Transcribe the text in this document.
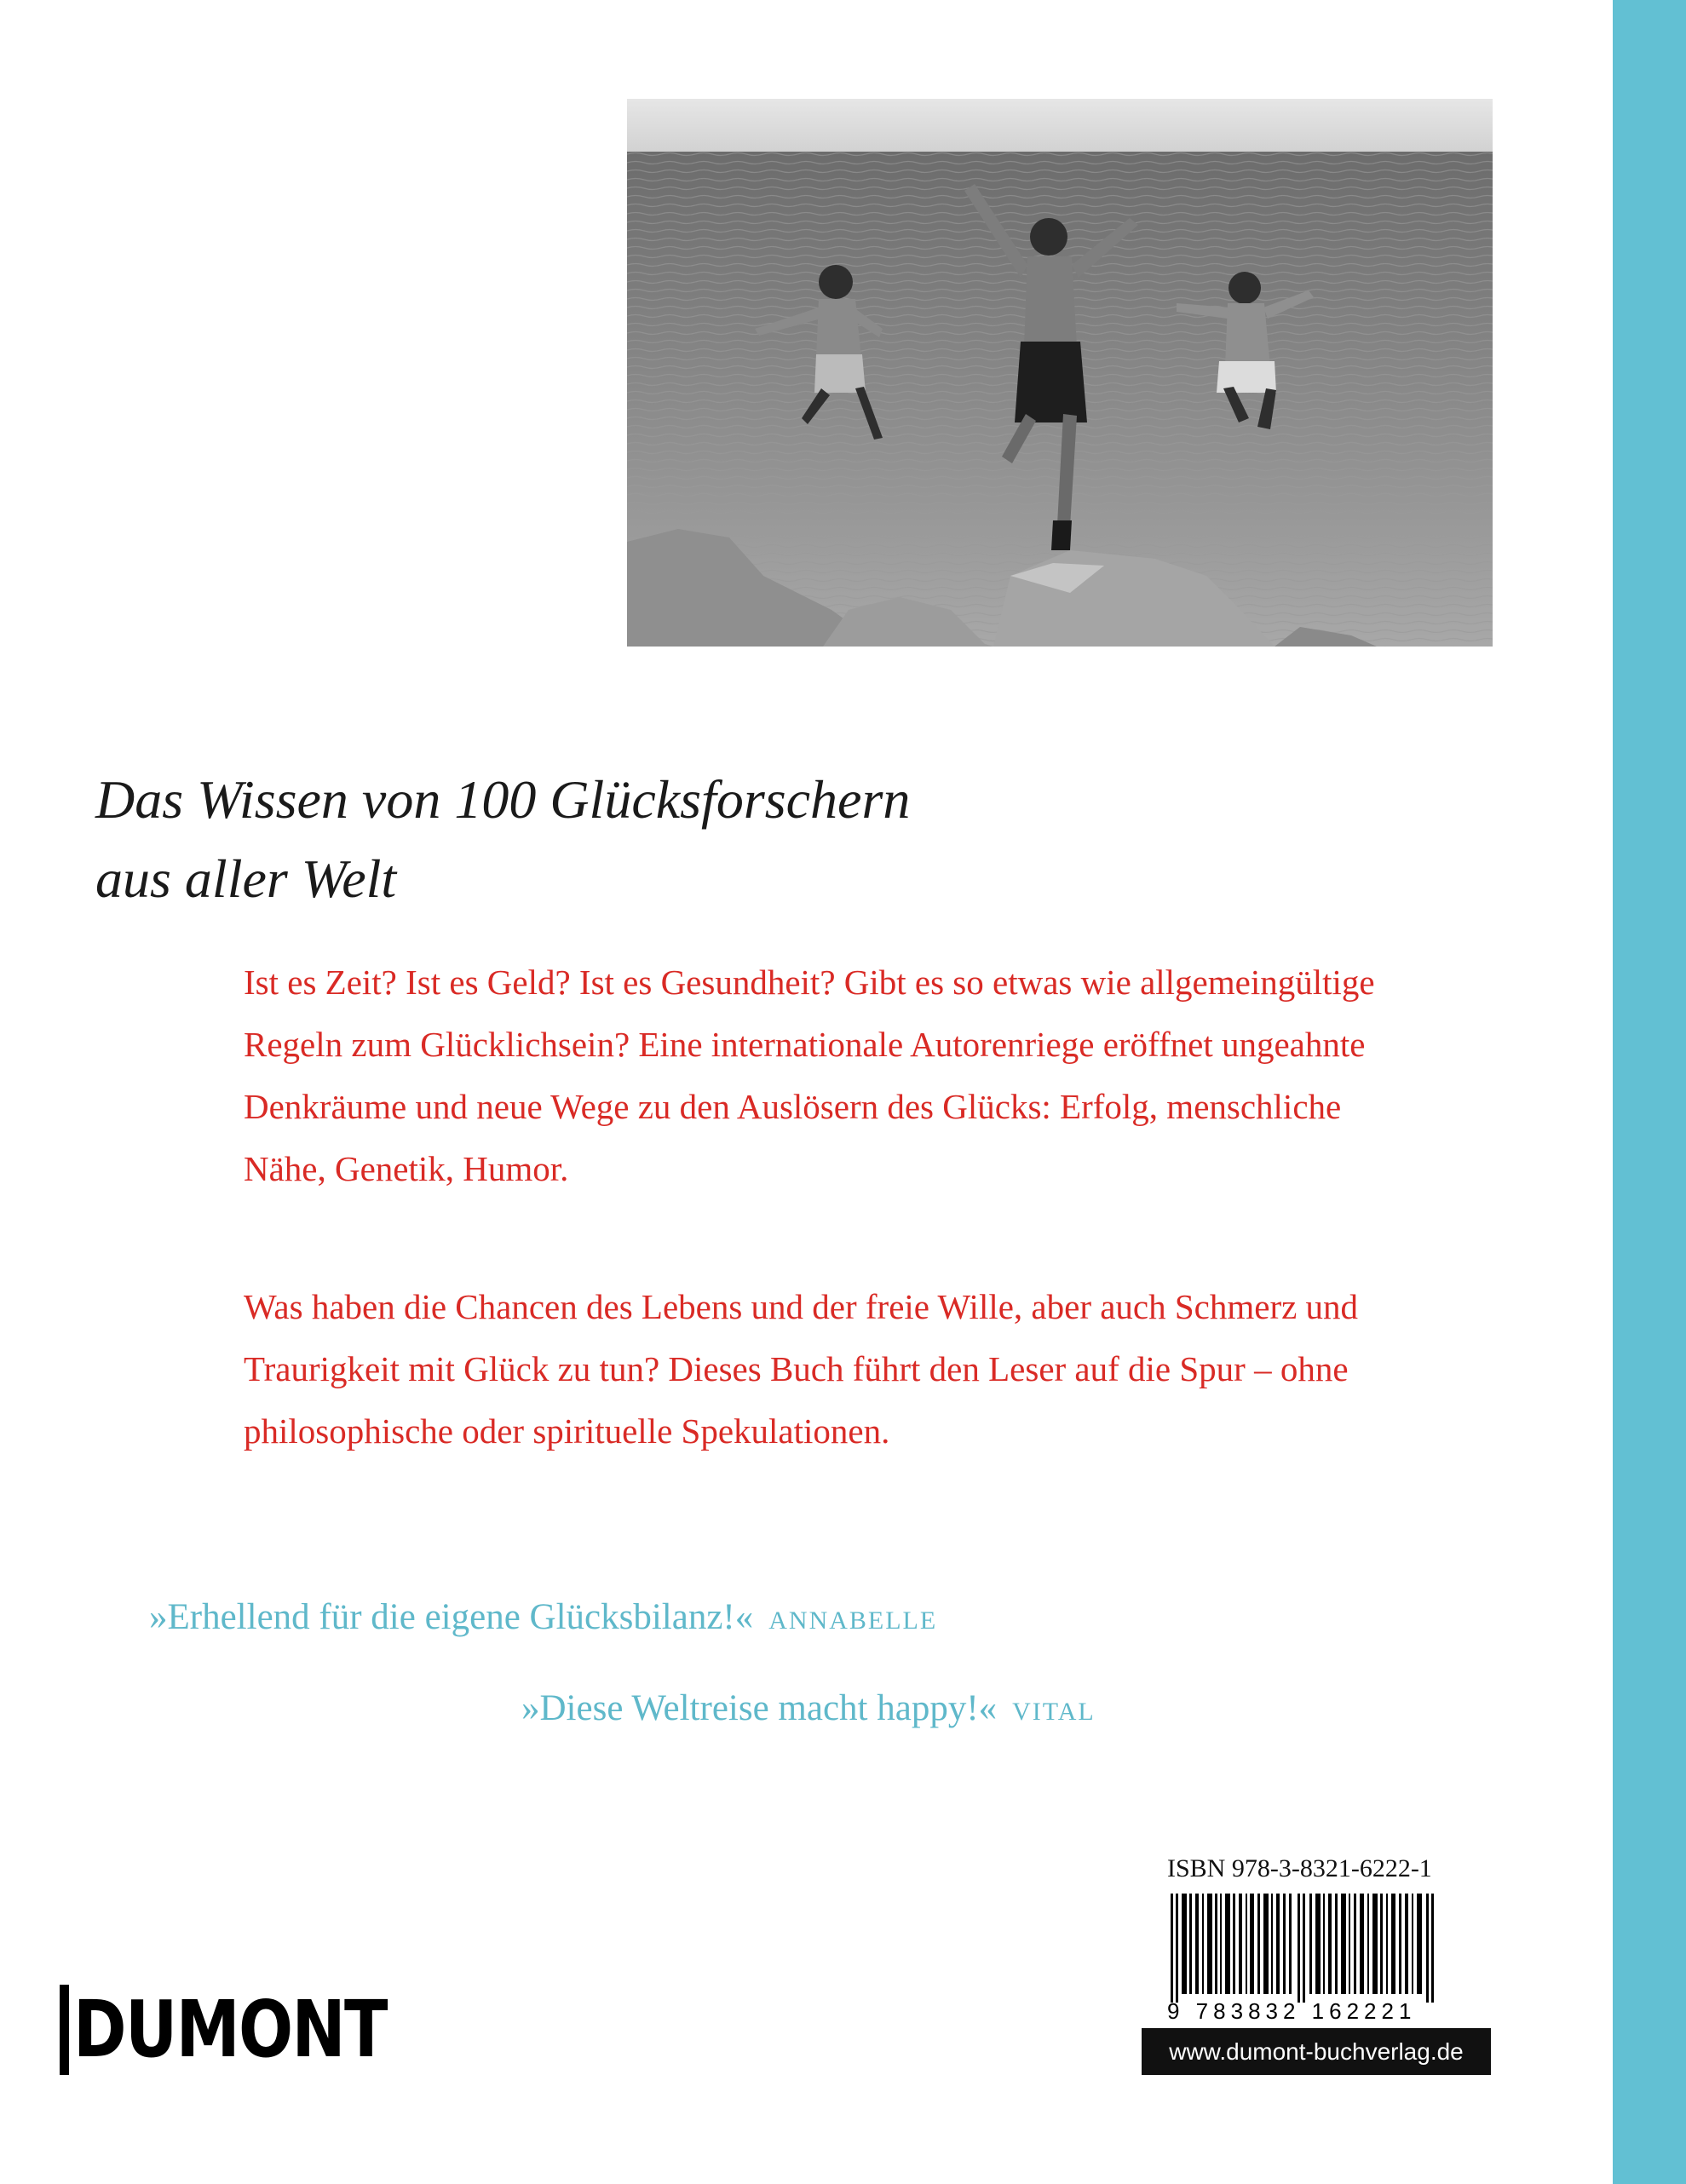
Das Wissen von 100 Glücksforschern
aus aller Welt
Ist es Zeit? Ist es Geld? Ist es Gesundheit? Gibt es so etwas wie allgemeingültige
Regeln zum Glücklichsein? Eine internationale Autorenriege eröffnet ungeahnte
Denkräume und neue Wege zu den Auslösern des Glücks: Erfolg, menschliche
Nähe, Genetik, Humor.
Was haben die Chancen des Lebens und der freie Wille, aber auch Schmerz und
Traurigkeit mit Glück zu tun? Dieses Buch führt den Leser auf die Spur – ohne
philosophische oder spirituelle Spekulationen.
»Erhellend für die eigene Glücksbilanz!« ANNABELLE
»Diese Weltreise macht happy!« VITAL
ISBN 978-3-8321-6222-1
9 783832 162221
DUMONT	www.dumont-buchverlag.de
